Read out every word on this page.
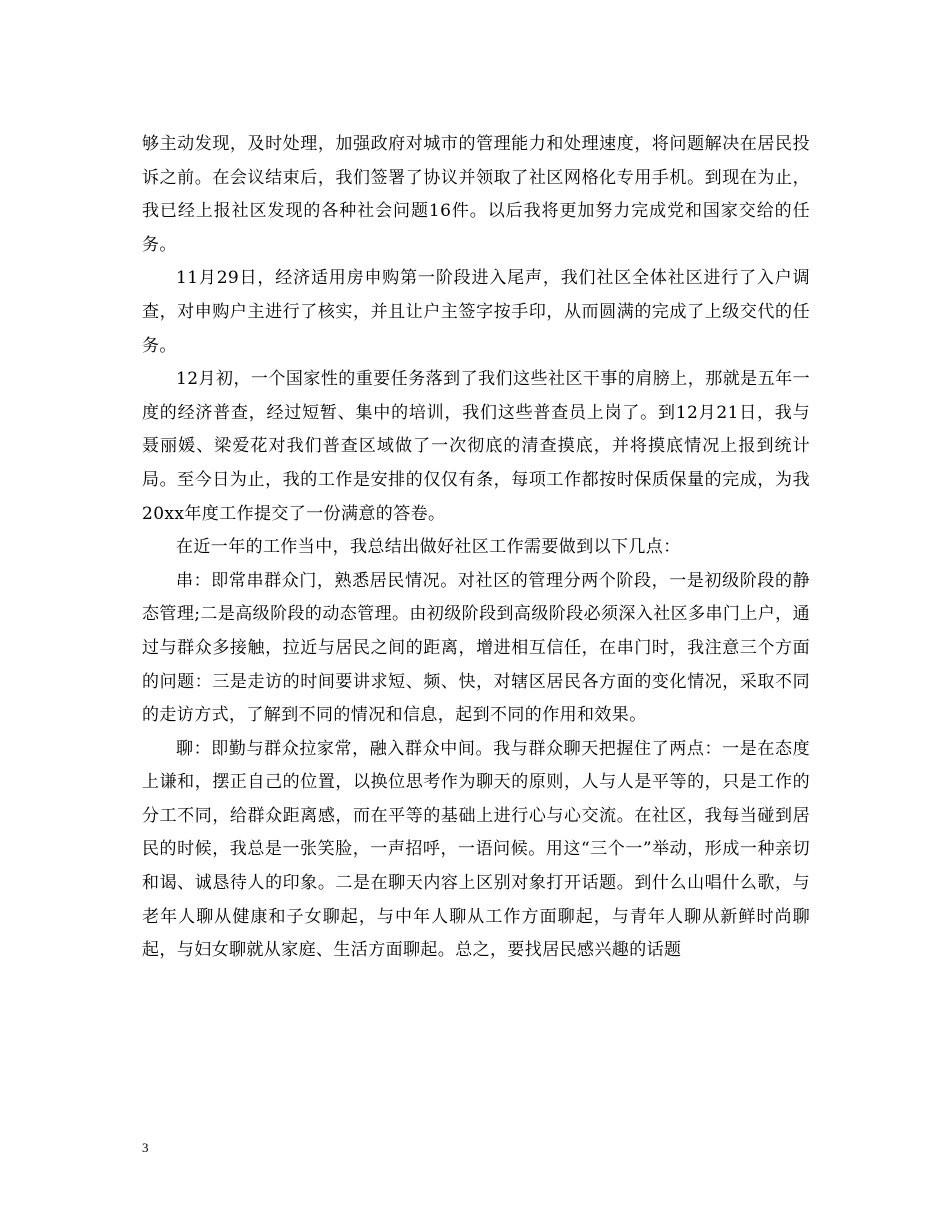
够主动发现，及时处理，加强政府对城市的管理能力和处理速度，将问题解决在居民投诉之前。在会议结束后，我们签署了协议并领取了社区网格化专用手机。到现在为止，我已经上报社区发现的各种社会问题16件。以后我将更加努力完成党和国家交给的任务。

11月29日，经济适用房申购第一阶段进入尾声，我们社区全体社区进行了入户调查，对申购户主进行了核实，并且让户主签字按手印，从而圆满的完成了上级交代的任务。

12月初，一个国家性的重要任务落到了我们这些社区干事的肩膀上，那就是五年一度的经济普查，经过短暂、集中的培训，我们这些普查员上岗了。到12月21日，我与聂丽媛、梁爱花对我们普查区域做了一次彻底的清查摸底，并将摸底情况上报到统计局。至今日为止，我的工作是安排的仅仅有条，每项工作都按时保质保量的完成，为我20xx年度工作提交了一份满意的答卷。

在近一年的工作当中，我总结出做好社区工作需要做到以下几点：

串：即常串群众门，熟悉居民情况。对社区的管理分两个阶段，一是初级阶段的静态管理;二是高级阶段的动态管理。由初级阶段到高级阶段必须深入社区多串门上户，通过与群众多接触，拉近与居民之间的距离，增进相互信任，在串门时，我注意三个方面的问题：三是走访的时间要讲求短、频、快，对辖区居民各方面的变化情况，采取不同的走访方式，了解到不同的情况和信息，起到不同的作用和效果。

聊：即勤与群众拉家常，融入群众中间。我与群众聊天把握住了两点：一是在态度上谦和，摆正自己的位置，以换位思考作为聊天的原则，人与人是平等的，只是工作的分工不同，给群众距离感，而在平等的基础上进行心与心交流。在社区，我每当碰到居民的时候，我总是一张笑脸，一声招呼，一语问候。用这“三个一”举动，形成一种亲切和谒、诚恳待人的印象。二是在聊天内容上区别对象打开话题。到什么山唱什么歌，与老年人聊从健康和子女聊起，与中年人聊从工作方面聊起，与青年人聊从新鲜时尚聊起，与妇女聊就从家庭、生活方面聊起。总之，要找居民感兴趣的话题

3
